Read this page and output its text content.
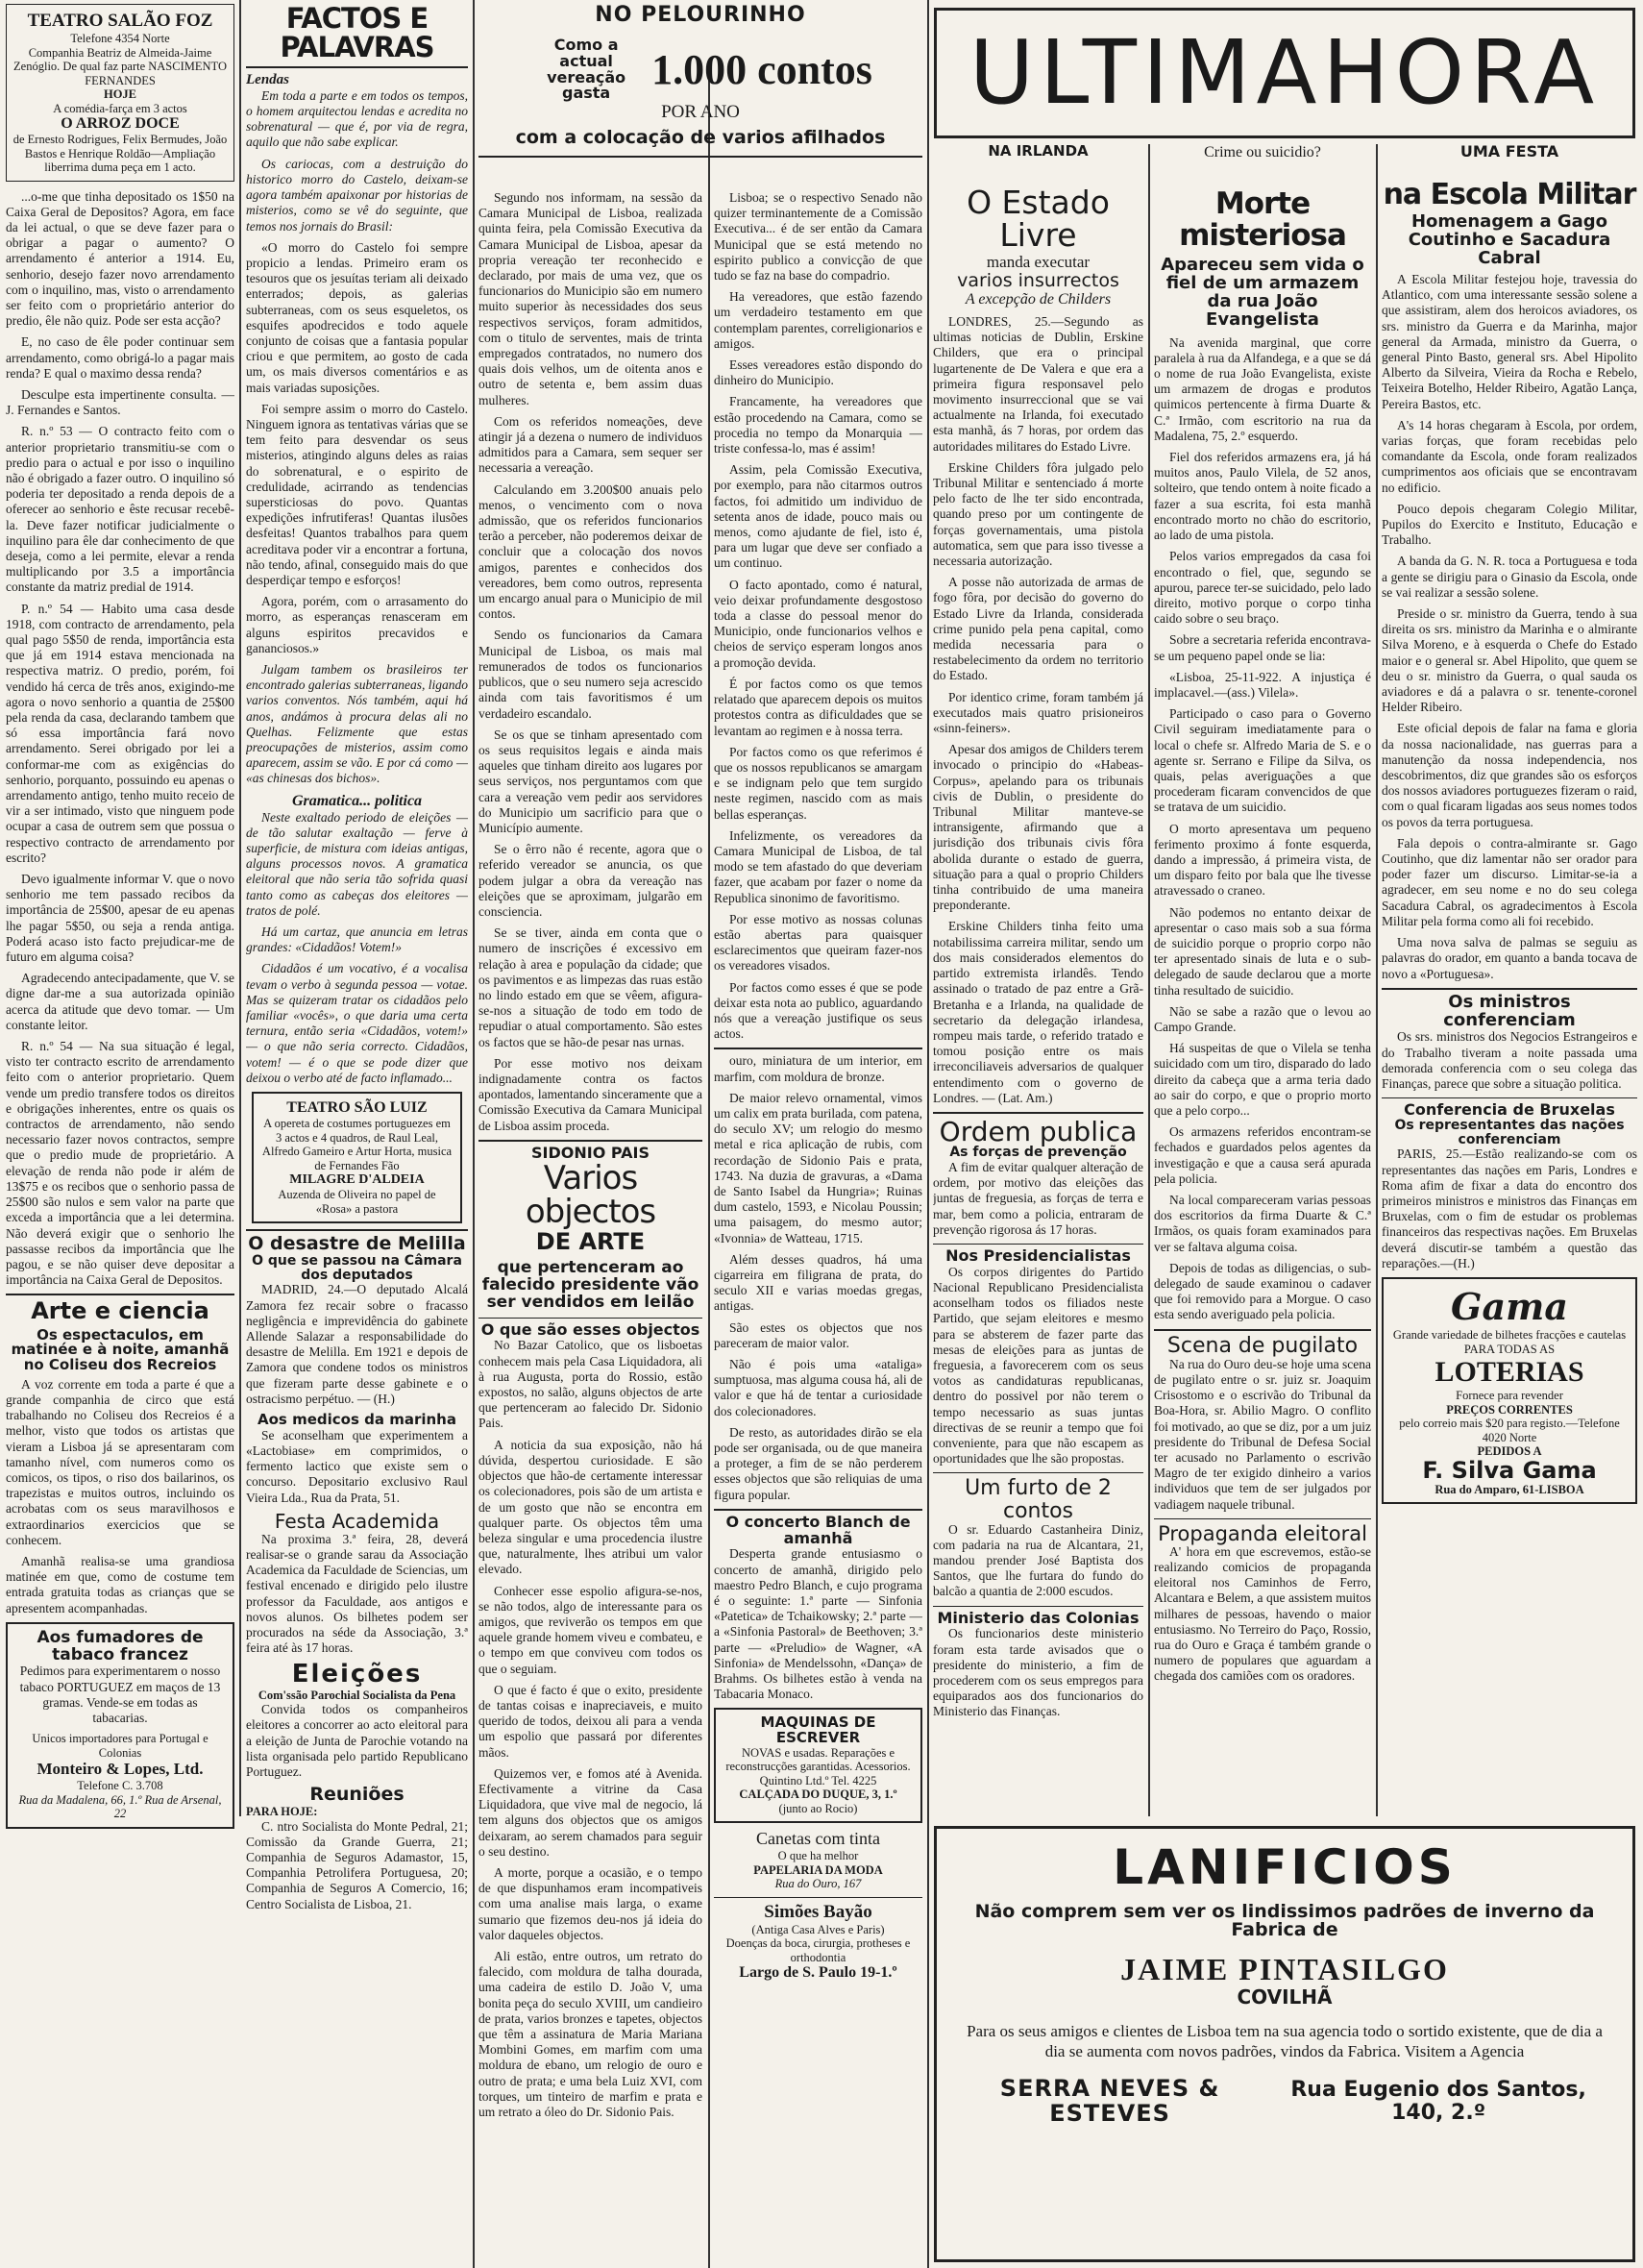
TEATRO SALÃO FOZ
Telefone 4354 Norte
Companhia Beatriz de Almeida-Jaime Zenóglio. De qual faz parte NASCIMENTO FERNANDES
HOJE
A comédia-farça em 3 actos
O ARROZ DOCE
de Ernesto Rodrigues, Felix Bermudes, João Bastos e Henrique Roldão—Ampliação liberrima duma peça em 1 acto.

...o-me que tinha depositado os 1$50 na Caixa Geral de Depositos? Agora, em face da lei actual, o que se deve fazer para o obrigar a pagar o aumento? O arrendamento é anterior a 1914. Eu, senhorio, desejo fazer novo arrendamento com o inquilino, mas, visto o arrendamento ser feito com o proprietário anterior do predio, êle não quiz. Pode ser esta acção?

E, no caso de êle poder continuar sem arrendamento, como obrigá-lo a pagar mais renda? E qual o maximo dessa renda?

Desculpe esta impertinente consulta. — J. Fernandes e Santos.

R. n.º 53 — O contracto feito com o anterior proprietario transmitiu-se com o predio para o actual e por isso o inquilino não é obrigado a fazer outro. O inquilino só poderia ter depositado a renda depois de a oferecer ao senhorio e êste recusar recebê-la. Deve fazer notificar judicialmente o inquilino para êle dar conhecimento de que deseja, como a lei permite, elevar a renda multiplicando por 3.5 a importância constante da matriz predial de 1914.

P. n.º 54 — Habito uma casa desde 1918, com contracto de arrendamento, pela qual pago 5$50 de renda, importância esta que já em 1914 estava mencionada na respectiva matriz. O predio, porém, foi vendido há cerca de três anos, exigindo-me agora o novo senhorio a quantia de 25$00 pela renda da casa, declarando tambem que só essa importância fará novo arrendamento. Serei obrigado por lei a conformar-me com as exigências do senhorio, porquanto, possuindo eu apenas o arrendamento antigo, tenho muito receio de vir a ser intimado, visto que ninguem pode ocupar a casa de outrem sem que possua o respectivo contracto de arrendamento por escrito?

Devo igualmente informar V. que o novo senhorio me tem passado recibos da importância de 25$00, apesar de eu apenas lhe pagar 5$50, ou seja a renda antiga. Poderá acaso isto facto prejudicar-me de futuro em alguma coisa?

Agradecendo antecipadamente, que V. se digne dar-me a sua autorizada opinião acerca da atitude que devo tomar. — Um constante leitor.

R. n.º 54 — Na sua situação é legal, visto ter contracto escrito de arrendamento feito com o anterior proprietario. Quem vende um predio transfere todos os direitos e obrigações inherentes, entre os quais os contractos de arrendamento, não sendo necessario fazer novos contractos, sempre que o predio mude de proprietário. A elevação de renda não pode ir além de 13$75 e os recibos que o senhorio passa de 25$00 são nulos e sem valor na parte que exceda a importância que a lei determina. Não deverá exigir que o senhorio lhe passasse recibos da importância que lhe pagou, e se não quiser deve depositar a importância na Caixa Geral de Depositos.

Arte e ciencia
Os espectaculos, em matinée e à noite, amanhã no Coliseu dos Recreios

A voz corrente em toda a parte é que a grande companhia de circo que está trabalhando no Coliseu dos Recreios é a melhor, visto que todos os artistas que vieram a Lisboa já se apresentaram com tamanho nível, com numeros como os comicos, os tipos, o riso dos bailarinos, os trapezistas e muitos outros, incluindo os acrobatas com os seus maravilhosos e extraordinarios exercicios que se conhecem.

Amanhã realisa-se uma grandiosa matinée em que, como de costume tem entrada gratuita todas as crianças que se apresentem acompanhadas.

Aos fumadores de tabaco francez

Pedimos para experimentarem o nosso tabaco PORTUGUEZ em maços de 13 gramas. Vende-se em todas as tabacarias.

Unicos importadores para Portugal e Colonias
Monteiro & Lopes, Ltd.
Telefone C. 3.708
Rua da Madalena, 66, 1.º Rua de Arsenal, 22
FACTOS E PALAVRAS
Lendas

Em toda a parte e em todos os tempos, o homem arquitectou lendas e acredita no sobrenatural — que é, por via de regra, aquilo que não sabe explicar.

Os cariocas, com a destruição do historico morro do Castelo, deixam-se agora também apaixonar por historias de misterios, como se vê do seguinte, que temos nos jornais do Brasil:

«O morro do Castelo foi sempre propicio a lendas. Primeiro eram os tesouros que os jesuítas teriam ali deixado enterrados; depois, as galerias subterraneas, com os seus esqueletos, os esquifes apodrecidos e todo aquele conjunto de coisas que a fantasia popular criou e que permitem, ao gosto de cada um, os mais diversos comentários e as mais variadas suposições.

Foi sempre assim o morro do Castelo. Ninguem ignora as tentativas várias que se tem feito para desvendar os seus misterios, atingindo alguns deles as raias do sobrenatural, e o espirito de credulidade, acirrando as tendencias supersticiosas do povo. Quantas expedições infrutiferas! Quantas ilusões desfeitas! Quantos trabalhos para quem acreditava poder vir a encontrar a fortuna, não tendo, afinal, conseguido mais do que desperdiçar tempo e esforços!

Agora, porém, com o arrasamento do morro, as esperanças renasceram em alguns espiritos precavidos e gananciosos.»

Julgam tambem os brasileiros ter encontrado galerias subterraneas, ligando varios conventos. Nós também, aqui há anos, andámos à procura delas ali no Quelhas. Felizmente que estas preocupações de misterios, assim como aparecem, assim se vão. E por cá como — «as chinesas dos bichos».

Gramatica... politica

Neste exaltado periodo de eleições — de tão salutar exaltação — ferve à superficie, de mistura com ideias antigas, alguns processos novos. A gramatica eleitoral que não seria tão sofrida quasi tanto como as cabeças dos eleitores — tratos de polé.

Há um cartaz, que anuncia em letras grandes: «Cidadãos! Votem!»

Cidadãos é um vocativo, é a vocalisa tevam o verbo à segunda pessoa — votae. Mas se quizeram tratar os cidadãos pelo familiar «vocês», o que daria uma certa ternura, então seria «Cidadãos, votem!» — o que não seria correcto. Cidadãos, votem! — é o que se pode dizer que deixou o verbo até de facto inflamado...

TEATRO SÃO LUIZ
A opereta de costumes portuguezes em 3 actos e 4 quadros, de Raul Leal, Alfredo Gameiro e Artur Horta, musica de Fernandes Fão
MILAGRE D'ALDEIA
Auzenda de Oliveira no papel de «Rosa» a pastora
O desastre de Melilla
O que se passou na Câmara dos deputados

MADRID, 24.—O deputado Alcalá Zamora fez recair sobre o fracasso negligência e imprevidência do gabinete Allende Salazar a responsabilidade do desastre de Melilla. Em 1921 e depois de Zamora que condene todos os ministros que fizeram parte desse gabinete e o ostracismo perpétuo. — (H.)

Aos medicos da marinha

Se aconselham que experimentem a «Lactobiase» em comprimidos, o fermento lactico que existe sem o concurso. Depositario exclusivo Raul Vieira Lda., Rua da Prata, 51.

Festa Academida

Na proxima 3.ª feira, 28, deverá realisar-se o grande sarau da Associação Academica da Faculdade de Sciencias, um festival encenado e dirigido pelo ilustre professor da Faculdade, aos antigos e novos alunos. Os bilhetes podem ser procurados na séde da Associação, 3.ª feira até às 17 horas.

Eleições
Com'ssão Parochial Socialista da Pena

Convida todos os companheiros eleitores a concorrer ao acto eleitoral para a eleição de Junta de Parochie votando na lista organisada pelo partido Republicano Portuguez.

Reuniões
PARA HOJE:

C. ntro Socialista do Monte Pedral, 21; Comissão da Grande Guerra, 21; Companhia de Seguros Adamastor, 15, Companhia Petrolifera Portuguesa, 20; Companhia de Seguros A Comercio, 16; Centro Socialista de Lisboa, 21.

NO PELOURINHO
Como a actual vereação gasta 1.000 contos
POR ANO
com a colocação de varios afilhados

Segundo nos informam, na sessão da Camara Municipal de Lisboa, realizada quinta feira, pela Comissão Executiva da Camara Municipal de Lisboa, apesar da propria vereação ter reconhecido e declarado, por mais de uma vez, que os funcionarios do Municipio são em numero muito superior às necessidades dos seus respectivos serviços, foram admitidos, com o titulo de serventes, mais de trinta empregados contratados, no numero dos quais dois velhos, um de oitenta anos e outro de setenta e, bem assim duas mulheres.

Com os referidos nomeações, deve atingir já a dezena o numero de individuos admitidos para a Camara, sem sequer ser necessaria a vereação.

Calculando em 3.200$00 anuais pelo menos, o vencimento com o nova admissão, que os referidos funcionarios terão a perceber, não poderemos deixar de concluir que a colocação dos novos amigos, parentes e conhecidos dos vereadores, bem como outros, representa um encargo anual para o Municipio de mil contos.

Sendo os funcionarios da Camara Municipal de Lisboa, os mais mal remunerados de todos os funcionarios publicos, que o seu numero seja acrescido ainda com tais favoritismos é um verdadeiro escandalo.

Se os que se tinham apresentado com os seus requisitos legais e ainda mais aqueles que tinham direito aos lugares por seus serviços, nos perguntamos com que cara a vereação vem pedir aos servidores do Municipio um sacrificio para que o Município aumente.

Se o êrro não é recente, agora que o referido vereador se anuncia, os que podem julgar a obra da vereação nas eleições que se aproximam, julgarão em consciencia.

Se se tiver, ainda em conta que o numero de inscrições é excessivo em relação à area e população da cidade; que os pavimentos e as limpezas das ruas estão no lindo estado em que se vêem, afigura-se-nos a situação de todo em todo de repudiar o atual comportamento. São estes os factos que se hão-de pesar nas urnas.

Por esse motivo nos deixam indignadamente contra os factos apontados, lamentando sinceramente que a Comissão Executiva da Camara Municipal de Lisboa assim proceda.

SIDONIO PAIS
Varios objectos
DE ARTE
que pertenceram ao falecido presidente vão ser vendidos em leilão
O que são esses objectos

No Bazar Catolico, que os lisboetas conhecem mais pela Casa Liquidadora, ali à rua Augusta, porta do Rossio, estão expostos, no salão, alguns objectos de arte que pertenceram ao falecido Dr. Sidonio Pais.

A noticia da sua exposição, não há dúvida, despertou curiosidade. E são objectos que hão-de certamente interessar os colecionadores, pois são de um artista e de um gosto que não se encontra em qualquer parte. Os objectos têm uma beleza singular e uma procedencia ilustre que, naturalmente, lhes atribui um valor elevado.

Conhecer esse espolio afigura-se-nos, se não todos, algo de interessante para os amigos, que reviverão os tempos em que aquele grande homem viveu e combateu, e o tempo em que conviveu com todos os que o seguiam.

O que é facto é que o exito, presidente de tantas coisas e inapreciaveis, e muito querido de todos, deixou ali para a venda um espolio que passará por diferentes mãos.

Quizemos ver, e fomos até à Avenida. Efectivamente a vitrine da Casa Liquidadora, que vive mal de negocio, lá tem alguns dos objectos que os amigos deixaram, ao serem chamados para seguir o seu destino.

A morte, porque a ocasião, e o tempo de que dispunhamos eram incompativeis com uma analise mais larga, o exame sumario que fizemos deu-nos já ideia do valor daqueles objectos.

Ali estão, entre outros, um retrato do falecido, com moldura de talha dourada, uma cadeira de estilo D. João V, uma bonita peça do seculo XVIII, um candieiro de prata, varios bronzes e tapetes, objectos que têm a assinatura de Maria Mariana Mombini Gomes, em marfim com uma moldura de ebano, um relogio de ouro e outro de prata; e uma bela Luiz XVI, com torques, um tinteiro de marfim e prata e um retrato a óleo do Dr. Sidonio Pais.

Lisboa; se o respectivo Senado não quizer terminantemente de a Comissão Executiva... é de ser então da Camara Municipal que se está metendo no espirito publico a convicção de que tudo se faz na base do compadrio.

Ha vereadores, que estão fazendo um verdadeiro testamento em que contemplam parentes, correligionarios e amigos.

Esses vereadores estão dispondo do dinheiro do Municipio.

Francamente, ha vereadores que estão procedendo na Camara, como se procedia no tempo da Monarquia — triste confessa-lo, mas é assim!

Assim, pela Comissão Executiva, por exemplo, para não citarmos outros factos, foi admitido um individuo de setenta anos de idade, pouco mais ou menos, como ajudante de fiel, isto é, para um lugar que deve ser confiado a um continuo.

O facto apontado, como é natural, veio deixar profundamente desgostoso toda a classe do pessoal menor do Municipio, onde funcionarios velhos e cheios de serviço esperam longos anos a promoção devida.

É por factos como os que temos relatado que aparecem depois os muitos protestos contra as dificuldades que se levantam ao regimen e à nossa terra.

Por factos como os que referimos é que os nossos republicanos se amargam e se indignam pelo que tem surgido neste regimen, nascido com as mais bellas esperanças.

Infelizmente, os vereadores da Camara Municipal de Lisboa, de tal modo se tem afastado do que deveriam fazer, que acabam por fazer o nome da Republica sinonimo de favoritismo.

Por esse motivo as nossas colunas estão abertas para quaisquer esclarecimentos que queiram fazer-nos os vereadores visados.

Por factos como esses é que se pode deixar esta nota ao publico, aguardando nós que a vereação justifique os seus actos.

ouro, miniatura de um interior, em marfim, com moldura de bronze.

De maior relevo ornamental, vimos um calix em prata burilada, com patena, do seculo XV; um relogio do mesmo metal e rica aplicação de rubis, com recordação de Sidonio Pais e prata, 1743. Na duzia de gravuras, a «Dama de Santo Isabel da Hungria»; Ruinas dum castelo, 1593, e Nicolau Poussin; uma paisagem, do mesmo autor; «Ivonnia» de Watteau, 1715.

Além desses quadros, há uma cigarreira em filigrana de prata, do seculo XII e varias moedas gregas, antigas.

São estes os objectos que nos pareceram de maior valor.

Não é pois uma «ataliga» sumptuosa, mas alguma cousa há, ali de valor e que há de tentar a curiosidade dos colecionadores.

De resto, as autoridades dirão se ela pode ser organisada, ou de que maneira a proteger, a fim de se não perderem esses objectos que são reliquias de uma figura popular.

O concerto Blanch de amanhã

Desperta grande entusiasmo o concerto de amanhã, dirigido pelo maestro Pedro Blanch, e cujo programa é o seguinte: 1.ª parte — Sinfonia «Patetica» de Tchaikowsky; 2.ª parte — a «Sinfonia Pastoral» de Beethoven; 3.ª parte — «Preludio» de Wagner, «A Sinfonia» de Mendelssohn, «Dança» de Brahms. Os bilhetes estão à venda na Tabacaria Monaco.

MAQUINAS DE ESCREVER
NOVAS e usadas. Reparações e reconstrucções garantidas. Acessorios. Quintino Ltd.º Tel. 4225
CALÇADA DO DUQUE, 3, 1.º
(junto ao Rocio)
Canetas com tinta
O que ha melhor
PAPELARIA DA MODA
Rua do Ouro, 167
Simões Bayão
(Antiga Casa Alves e Paris)
Doenças da boca, cirurgia, protheses e orthodontia
Largo de S. Paulo 19-1.º
ULTIMAHORA
NA IRLANDA
O Estado Livre
manda executar
varios insurrectos
A excepção de Childers

LONDRES, 25.—Segundo as ultimas noticias de Dublin, Erskine Childers, que era o principal lugartenente de De Valera e que era a primeira figura responsavel pelo movimento insurreccional que se vai actualmente na Irlanda, foi executado esta manhã, ás 7 horas, por ordem das autoridades militares do Estado Livre.

Erskine Childers fôra julgado pelo Tribunal Militar e sentenciado á morte pelo facto de lhe ter sido encontrada, quando preso por um contingente de forças governamentais, uma pistola automatica, sem que para isso tivesse a necessaria autorização.

A posse não autorizada de armas de fogo fôra, por decisão do governo do Estado Livre da Irlanda, considerada crime punido pela pena capital, como medida necessaria para o restabelecimento da ordem no territorio do Estado.

Por identico crime, foram também já executados mais quatro prisioneiros «sinn-feiners».

Apesar dos amigos de Childers terem invocado o principio do «Habeas-Corpus», apelando para os tribunais civis de Dublin, o presidente do Tribunal Militar manteve-se intransigente, afirmando que a jurisdição dos tribunais civis fôra abolida durante o estado de guerra, situação para a qual o proprio Childers tinha contribuido de uma maneira preponderante.

Erskine Childers tinha feito uma notabilissima carreira militar, sendo um dos mais considerados elementos do partido extremista irlandês. Tendo assinado o tratado de paz entre a Grã-Bretanha e a Irlanda, na qualidade de secretario da delegação irlandesa, rompeu mais tarde, o referido tratado e tomou posição entre os mais irreconciliaveis adversarios de qualquer entendimento com o governo de Londres. — (Lat. Am.)

Ordem publica
As forças de prevenção

A fim de evitar qualquer alteração de ordem, por motivo das eleições das juntas de freguesia, as forças de terra e mar, bem como a policia, entraram de prevenção rigorosa ás 17 horas.

Nos Presidencialistas

Os corpos dirigentes do Partido Nacional Republicano Presidencialista aconselham todos os filiados neste Partido, que sejam eleitores e mesmo para se absterem de fazer parte das mesas de eleições para as juntas de freguesia, a favorecerem com os seus votos as candidaturas republicanas, dentro do possivel por não terem o tempo necessario as suas juntas directivas de se reunir a tempo que foi conveniente, para que não escapem as oportunidades que lhe são propostas.

Um furto de 2 contos

O sr. Eduardo Castanheira Diniz, com padaria na rua de Alcantara, 21, mandou prender José Baptista dos Santos, que lhe furtara do fundo do balcão a quantia de 2:000 escudos.

Ministerio das Colonias

Os funcionarios deste ministerio foram esta tarde avisados que o presidente do ministerio, a fim de procederem com os seus empregos para equiparados aos dos funcionarios do Ministerio das Finanças.

Crime ou suicidio?
Morte misteriosa
Apareceu sem vida o fiel de um armazem da rua João Evangelista

Na avenida marginal, que corre paralela à rua da Alfandega, e a que se dá o nome de rua João Evangelista, existe um armazem de drogas e produtos quimicos pertencente à firma Duarte & C.ª Irmão, com escritorio na rua da Madalena, 75, 2.º esquerdo.

Fiel dos referidos armazens era, já há muitos anos, Paulo Vilela, de 52 anos, solteiro, que tendo ontem à noite ficado a fazer a sua escrita, foi esta manhã encontrado morto no chão do escritorio, ao lado de uma pistola.

Pelos varios empregados da casa foi encontrado o fiel, que, segundo se apurou, parece ter-se suicidado, pelo lado direito, motivo porque o corpo tinha caido sobre o seu braço.

Sobre a secretaria referida encontrava-se um pequeno papel onde se lia:

«Lisboa, 25-11-922. A injustiça é implacavel.—(ass.) Vilela».

Participado o caso para o Governo Civil seguiram imediatamente para o local o chefe sr. Alfredo Maria de S. e o agente sr. Serrano e Filipe da Silva, os quais, pelas averiguações a que procederam ficaram convencidos de que se tratava de um suicidio.

O morto apresentava um pequeno ferimento proximo á fonte esquerda, dando a impressão, á primeira vista, de um disparo feito por bala que lhe tivesse atravessado o craneo.

Não podemos no entanto deixar de apresentar o caso mais sob a sua fórma de suicidio porque o proprio corpo não ter apresentado sinais de luta e o sub-delegado de saude declarou que a morte tinha resultado de suicidio.

Não se sabe a razão que o levou ao Campo Grande.

Há suspeitas de que o Vilela se tenha suicidado com um tiro, disparado do lado direito da cabeça que a arma teria dado ao sair do corpo, e que o proprio morto que a pelo corpo...

Os armazens referidos encontram-se fechados e guardados pelos agentes da investigação e que a causa será apurada pela policia.

Na local compareceram varias pessoas dos escritorios da firma Duarte & C.ª Irmãos, os quais foram examinados para ver se faltava alguma coisa.

Depois de todas as diligencias, o sub-delegado de saude examinou o cadaver que foi removido para a Morgue. O caso esta sendo averiguado pela policia.

Scena de pugilato

Na rua do Ouro deu-se hoje uma scena de pugilato entre o sr. juiz sr. Joaquim Crisostomo e o escrivão do Tribunal da Boa-Hora, sr. Abilio Magro. O conflito foi motivado, ao que se diz, por a um juiz presidente do Tribunal de Defesa Social ter acusado no Parlamento o escrivão Magro de ter exigido dinheiro a varios individuos que tem de ser julgados por vadiagem naquele tribunal.

Propaganda eleitoral

A' hora em que escrevemos, estão-se realizando comicios de propaganda eleitoral nos Caminhos de Ferro, Alcantara e Belem, a que assistem muitos milhares de pessoas, havendo o maior entusiasmo. No Terreiro do Paço, Rossio, rua do Ouro e Graça é também grande o numero de populares que aguardam a chegada dos camiões com os oradores.

UMA FESTA
na Escola Militar
Homenagem a Gago Coutinho e Sacadura Cabral

A Escola Militar festejou hoje, travessia do Atlantico, com uma interessante sessão solene a que assistiram, alem dos heroicos aviadores, os srs. ministro da Guerra e da Marinha, major general da Armada, ministro da Guerra, o general Pinto Basto, general srs. Abel Hipolito Alberto da Silveira, Vieira da Rocha e Rebelo, Teixeira Botelho, Helder Ribeiro, Agatão Lança, Pereira Bastos, etc.

A's 14 horas chegaram à Escola, por ordem, varias forças, que foram recebidas pelo comandante da Escola, onde foram realizados cumprimentos aos oficiais que se encontravam no edificio.

Pouco depois chegaram Colegio Militar, Pupilos do Exercito e Instituto, Educação e Trabalho.

A banda da G. N. R. toca a Portuguesa e toda a gente se dirigiu para o Ginasio da Escola, onde se vai realizar a sessão solene.

Preside o sr. ministro da Guerra, tendo à sua direita os srs. ministro da Marinha e o almirante Silva Moreno, e à esquerda o Chefe do Estado maior e o general sr. Abel Hipolito, que quem se deu o sr. ministro da Guerra, o qual sauda os aviadores e dá a palavra o sr. tenente-coronel Helder Ribeiro.

Este oficial depois de falar na fama e gloria da nossa nacionalidade, nas guerras para a manutenção da nossa independencia, nos descobrimentos, diz que grandes são os esforços dos nossos aviadores portuguezes fizeram o raid, com o qual ficaram ligadas aos seus nomes todos os povos da terra portuguesa.

Fala depois o contra-almirante sr. Gago Coutinho, que diz lamentar não ser orador para poder fazer um discurso. Limitar-se-ia a agradecer, em seu nome e no do seu colega Sacadura Cabral, os agradecimentos à Escola Militar pela forma como ali foi recebido.

Uma nova salva de palmas se seguiu as palavras do orador, em quanto a banda tocava de novo a «Portuguesa».

Os ministros conferenciam

Os srs. ministros dos Negocios Estrangeiros e do Trabalho tiveram a noite passada uma demorada conferencia com o seu colega das Finanças, parece que sobre a situação politica.

Conferencia de Bruxelas
Os representantes das nações conferenciam

PARIS, 25.—Estão realizando-se com os representantes das nações em Paris, Londres e Roma afim de fixar a data do encontro dos primeiros ministros e ministros das Finanças em Bruxelas, com o fim de estudar os problemas financeiros das respectivas nações. Em Bruxelas deverá discutir-se também a questão das reparações.—(H.)

Gama
Grande variedade de bilhetes fracções e cautelas
PARA TODAS AS
LOTERIAS
Fornece para revender
PREÇOS CORRENTES
pelo correio mais $20 para registo.—Telefone 4020 Norte
PEDIDOS A
F. Silva Gama
Rua do Amparo, 61-LISBOA
LANIFICIOS
Não comprem sem ver os lindissimos padrões de inverno da Fabrica de
JAIME PINTASILGO
COVILHÃ
Para os seus amigos e clientes de Lisboa tem na sua agencia todo o sortido existente, que de dia a dia se aumenta com novos padrões, vindos da Fabrica. Visitem a Agencia
SERRA NEVES & ESTEVES
Rua Eugenio dos Santos, 140, 2.º
